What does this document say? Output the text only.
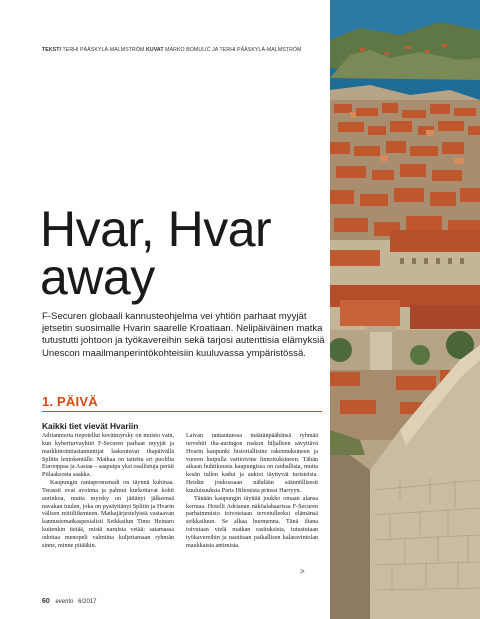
TEKSTI TERHI PÄÄSKYLÄ-MALMSTRÖM KUVAT MARKO BOMULIĆ JA TERHI PÄÄSKYLÄ-MALMSTRÖM
Hvar, Hvar
away
F-Securen globaali kannustеohjelma vei yhtiön parhaat myyjät jetsetin suosimalle Hvarin saarelle Kroatiaan. Nelipäiväinen matka tutustutti johtoon ja työkavereihin sekä tarjosi autenttisia elämyksiä Unescon maailmanperintökohteisiin kuuluvassa ympäristössä.
1. PÄIVÄ
Kaikki tiet vievät Hvariin

Adrianmerta riepotellut kevätmyrsky on muisto vain, kun kyberturvayhtiö F-Securen parhaat myyjät ja markkinointiasiantuntijat laskeutuvat iltapäivällä Splitin lentokentälle. Matkaa on taitettu eri puolilta Eurooppaa ja Aasiaa – saapuipa yksi osallistuja peräti Piilaaksosta saakka.

Kaupungin rantapromenadi on täynnä kuhinaa. Terassit ovat avoinna ja palmut kurkottavat kohti aurinkoa, mutta myrsky on jättänyt jälkeensä navakan tuulen, joka on pysäyttänyt Splitin ja Hvarin välisen reittiliikenteen. Matkajärjestelyistä vastaavan kannustematkaspesialisti Seikkailun Timo Heinaro kuitenkin tietää, mistä naruista vetää: satamassa odottaa menopeli valmiina kuljettamaan ryhmän sinne, minne pitääkin.

Laivan rantautuessa määränpäähänsä ryhmää tervehtii ilta-auringon ruskon hiljalleen sävyttävä Hvarin kaupunki historiallisine rakennuksineen ja vuoren huipulla vartioivine linnoituksineen. Tähän aikaan huhtikuusta kaupungissa on rauhallista, mutta kesän tullen kadut ja aukiot täyttyvät turisteista. Heidän joukossaan nähdään säännöllisesti kuuluisuuksia Paris Hiltonista prinssi Harryyn.

Tänään kaupungin täyttää joukko omaan alansa kermaa. Hotelli Adrianan näköalabaarissa F-Securen parhaimmisto toivotetaan tervetulleeksi elämänsä seikkailuun. Se alkaa huomenna. Tänä iltana toivutaan vielä matkan rasituksista, tutustutaan työkavereihin ja nautitaan paikallisen kalaravintolan maukkaista antimista.

>
60 evento 6/2017
